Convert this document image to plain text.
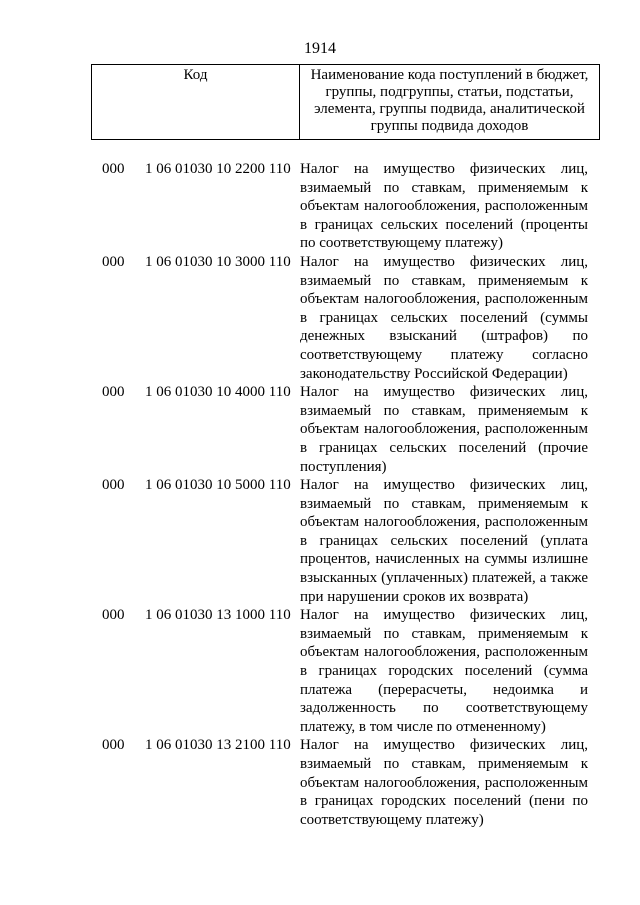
1914
Код	Наименование кода поступлений в бюджет, группы, подгруппы, статьи, подстатьи, элемента, группы подвида, аналитической группы подвида доходов
000 1 06 01030 10 2200 110 Налог на имущество физических лиц, взимаемый по ставкам, применяемым к объектам налогообложения, расположенным в границах сельских поселений (проценты по соответствующему платежу)
000 1 06 01030 10 3000 110 Налог на имущество физических лиц, взимаемый по ставкам, применяемым к объектам налогообложения, расположенным в границах сельских поселений (суммы денежных взысканий (штрафов) по соответствующему платежу согласно законодательству Российской Федерации)
000 1 06 01030 10 4000 110 Налог на имущество физических лиц, взимаемый по ставкам, применяемым к объектам налогообложения, расположенным в границах сельских поселений (прочие поступления)
000 1 06 01030 10 5000 110 Налог на имущество физических лиц, взимаемый по ставкам, применяемым к объектам налогообложения, расположенным в границах сельских поселений (уплата процентов, начисленных на суммы излишне взысканных (уплаченных) платежей, а также при нарушении сроков их возврата)
000 1 06 01030 13 1000 110 Налог на имущество физических лиц, взимаемый по ставкам, применяемым к объектам налогообложения, расположенным в границах городских поселений (сумма платежа (перерасчеты, недоимка и задолженность по соответствующему платежу, в том числе по отмененному)
000 1 06 01030 13 2100 110 Налог на имущество физических лиц, взимаемый по ставкам, применяемым к объектам налогообложения, расположенным в границах городских поселений (пени по соответствующему платежу)
